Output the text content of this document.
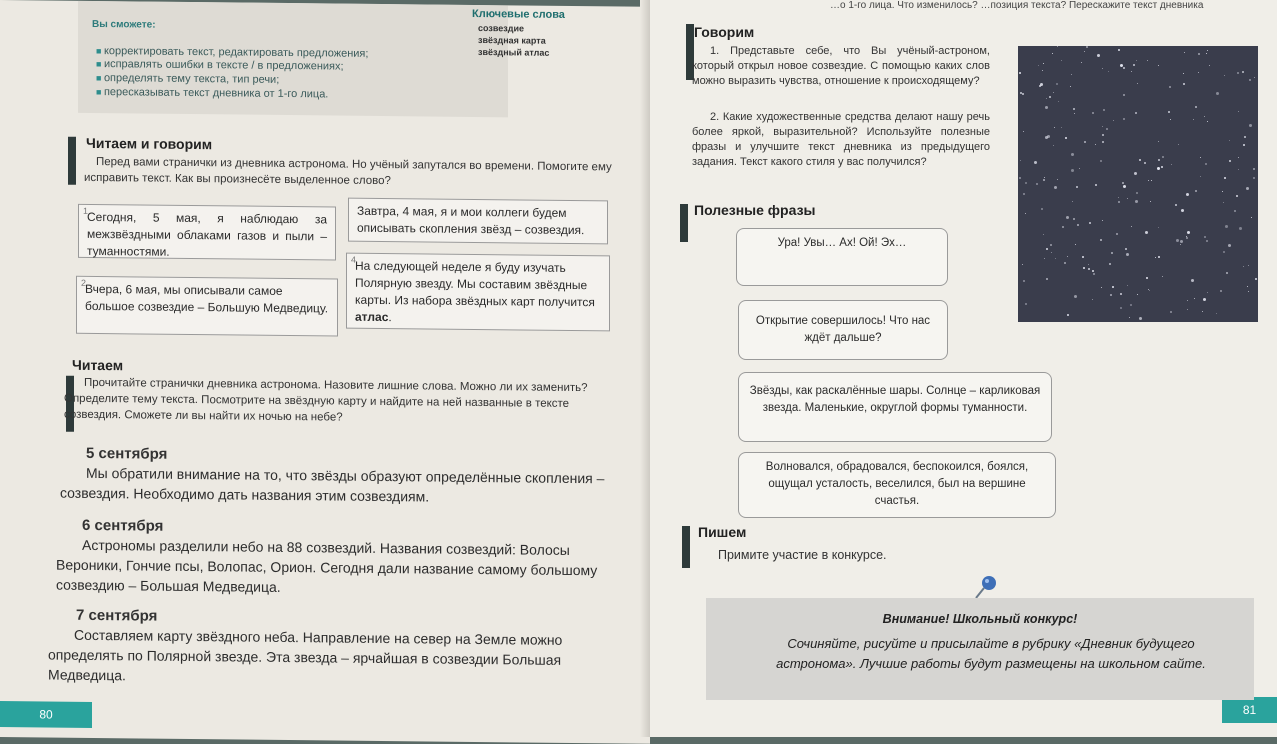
Вы сможете:
■ корректировать текст, редактировать предложения;
■ исправлять ошибки в тексте / в предложениях;
■ определять тему текста, тип речи;
■ пересказывать текст дневника от 1-го лица.
Ключевые слова
созвездие
звёздная карта
звёздный атлас
Читаем и говорим
Перед вами странички из дневника астронома. Но учёный запутался во времени. Помогите ему исправить текст. Как вы произнесёте выделенное слово?
1
Сегодня, 5 мая, я наблюдаю за межзвёздными облаками газов и пыли – туманностями.
Завтра, 4 мая, я и мои коллеги будем описывать скопления звёзд – созвездия.
2
Вчера, 6 мая, мы описывали самое большое созвездие – Большую Медведицу.
4
На следующей неделе я буду изучать Полярную звезду. Мы составим звёздные карты. Из набора звёздных карт получится атлас.
Читаем
Прочитайте странички дневника астронома. Назовите лишние слова. Можно ли их заменить? Определите тему текста. Посмотрите на звёздную карту и найдите на ней названные в тексте созвездия. Сможете ли вы найти их ночью на небе?
5 сентября
Мы обратили внимание на то, что звёзды образуют определённые скопления – созвездия. Необходимо дать названия этим созвездиям.
6 сентября
Астрономы разделили небо на 88 созвездий. Названия созвездий: Волосы Вероники, Гончие псы, Волопас, Орион. Сегодня дали название самому большому созвездию – Большая Медведица.
7 сентября
Составляем карту звёздного неба. Направление на север на Земле можно определять по Полярной звезде. Эта звезда – ярчайшая в созвездии Большая Медведица.
80
…о 1-го лица. Что изменилось? …позиция текста? Перескажите текст дневника
Говорим
1. Представьте себе, что Вы учёный-астроном, который открыл новое созвездие. С помощью каких слов можно выразить чувства, отношение к происходящему?
2. Какие художественные средства делают нашу речь более яркой, выразительной? Используйте полезные фразы и улучшите текст дневника из предыдущего задания. Текст какого стиля у вас получился?
Полезные фразы
Ура! Увы… Ах! Ой! Эх…
Открытие совершилось! Что нас ждёт дальше?
Звёзды, как раскалённые шары. Солнце – карликовая звезда. Маленькие, округлой формы туманности.
Волновался, обрадовался, беспокоился, боялся, ощущал усталость, веселился, был на вершине счастья.
Пишем
Примите участие в конкурсе.
81
Внимание! Школьный конкурс!
Сочиняйте, рисуйте и присылайте в рубрику «Дневник будущего астронома». Лучшие работы будут размещены на школьном сайте.
